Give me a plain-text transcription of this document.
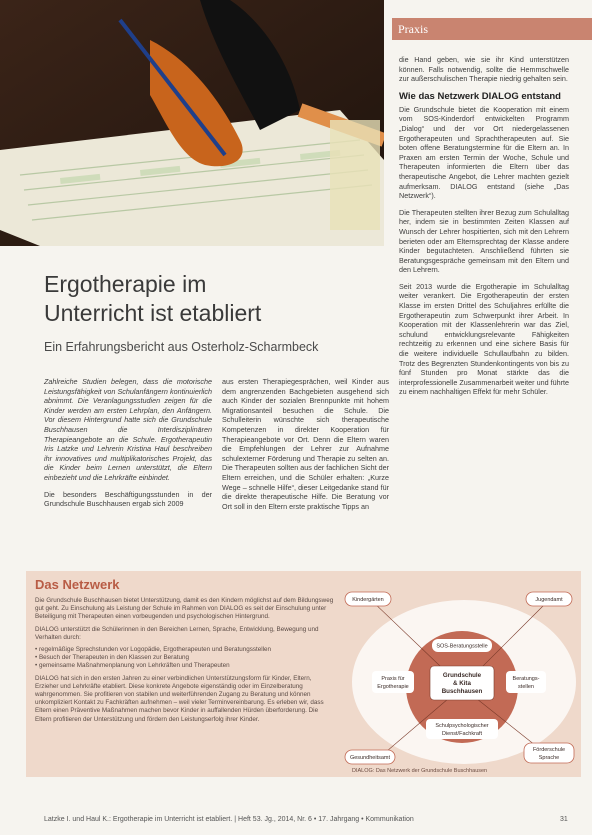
Praxis
Ergotherapie im
Unterricht ist etabliert
Ein Erfahrungsbericht aus Osterholz-Scharmbeck

Zahlreiche Studien belegen, dass die motorische Leistungsfähigkeit von Schulanfängern kontinuierlich abnimmt. Die Veranlagungsstudien zeigen für die Kinder werden am ersten Lehrplan, den Anfängern. Vor diesem Hintergrund hatte sich die Grundschule Buschhausen die Interdisziplinären Therapieangebote an die Schule. Ergotherapeutin Iris Latzke und Lehrerin Kristina Haul beschreiben ihr innovatives und multiplikatorisches Projekt, das die Kinder beim Lernen unterstützt, die Eltern einbezieht und die Lehrkräfte einbindet.

Die besonders Beschäftigungsstunden in der Grundschule Buschhausen ergab sich 2009

aus ersten Therapiegesprächen, weil Kinder aus dem angrenzenden Bachgebieten ausgehend sich auch Kinder der sozialen Brennpunkte mit hohem Migrationsanteil besuchen die Schule. Die Schulleiterin wünschte sich therapeutische Kompetenzen in direkter Kooperation für Therapieangebote vor Ort. Denn die Eltern waren die Empfehlungen der Lehrer zur Aufnahme schulexterner Förderung und Therapie zu selten an. Die Therapeuten sollten aus der fachlichen Sicht der Eltern erreichen, und die Schüler erhalten: „Kurze Wege – schnelle Hilfe“, dieser Leitgedanke stand für die direkte therapeutische Hilfe. Die Beratung vor Ort soll in den Eltern erste praktische Tipps an

die Hand geben, wie sie ihr Kind unterstützen können. Falls notwendig, sollte die Hemmschwelle zur außerschulischen Therapie niedrig gehalten sein.

Wie das Netzwerk DIALOG entstand

Die Grundschule bietet die Kooperation mit einem vom SOS-Kinderdorf entwickelten Programm „Dialog“ und der vor Ort niedergelassenen Ergotherapeuten und Sprachtherapeuten auf. Sie boten offene Beratungstermine für die Eltern an. In Praxen am ersten Termin der Woche, Schule und Therapeuten informierten die Eltern über das therapeutische Angebot, die Lehrer machten gezielt aufmerksam. DIALOG entstand (siehe „Das Netzwerk“).

Die Therapeuten stellten ihrer Bezug zum Schulalltag her, indem sie in bestimmten Zeiten Klassen auf Wunsch der Lehrer hospitierten, sich mit den Lehrern berieten oder am Elternsprechtag der Klasse andere Kinder begutachteten. Anschließend führten sie Beratungsgespräche gemeinsam mit den Eltern und den Lehrern.

Seit 2013 wurde die Ergotherapie im Schulalltag weiter verankert. Die Ergotherapeutin der ersten Klasse im ersten Drittel des Schuljahres erfüllte die Ergotherapeutin zum Schwerpunkt ihrer Arbeit. In Kooperation mit der Klassenlehrerin war das Ziel, schulund entwicklungsrelevante Fähigkeiten rechtzeitig zu erkennen und eine sichere Basis für die weitere individuelle Schullaufbahn zu bilden. Trotz des Begrenzten Stundenkontingents von bis zu fünf Stunden pro Monat stärkte das die interprofessionelle Zusammenarbeit weiter und führte zu einem nachhaltigen Effekt für mehr Schüler.

Das Netzwerk

Die Grundschule Buschhausen bietet Unterstützung, damit es den Kindern möglichst auf dem Bildungsweg gut geht. Zu Einschulung als Leistung der Schule im Rahmen von DIALOG es seit der Einschulung unter Beteiligung mit Therapeuten einen vorbeugenden und psychologischen Hintergrund.

DIALOG unterstützt die Schülerinnen in den Bereichen Lernen, Sprache, Entwicklung, Bewegung und Verhalten durch:

• regelmäßige Sprechstunden vor Logopädie, Ergotherapeuten und Beratungsstellen

• Besuch der Therapeuten in den Klassen zur Beratung

• gemeinsame Maßnahmenplanung von Lehrkräften und Therapeuten

DIALOG hat sich in den ersten Jahren zu einer verbindlichen Unterstützungsform für Kinder, Eltern, Erzieher und Lehrkräfte etabliert. Diese konkrete Angebote eigenständig oder im Einzelberatung wahrgenommen. Sie profitieren von stabilen und weiterführenden Zugang zu Beratung und können unkompliziert Kontakt zu Fachkräften aufnehmen – weil vieler Terminvereinbarung. Es erleben wir, dass Eltern einen Präventive Maßnahmen machen bevor Kinder in auffallenden Hürden überforderung. Die Eltern profitieren der Unterstützung und fördern den Leistungserfolg ihrer Kinder.

Kindergärten	Jugendamt
SOS-Beratungsstelle
Grundschule
& Kita
Buschhausen
Praxis für
Ergotherapie
Beratungs-
stellen
Schulpsychologischer
Dienst/Fachkraft
Gesundheitsamt
Förderschule
Sprache
DIALOG: Das Netzwerk der Grundschule Buschhausen
Latzke I. und Haul K.: Ergotherapie im Unterricht ist etabliert. | Heft 53. Jg., 2014, Nr. 6 • 17. Jahrgang • Kommunikation	31
